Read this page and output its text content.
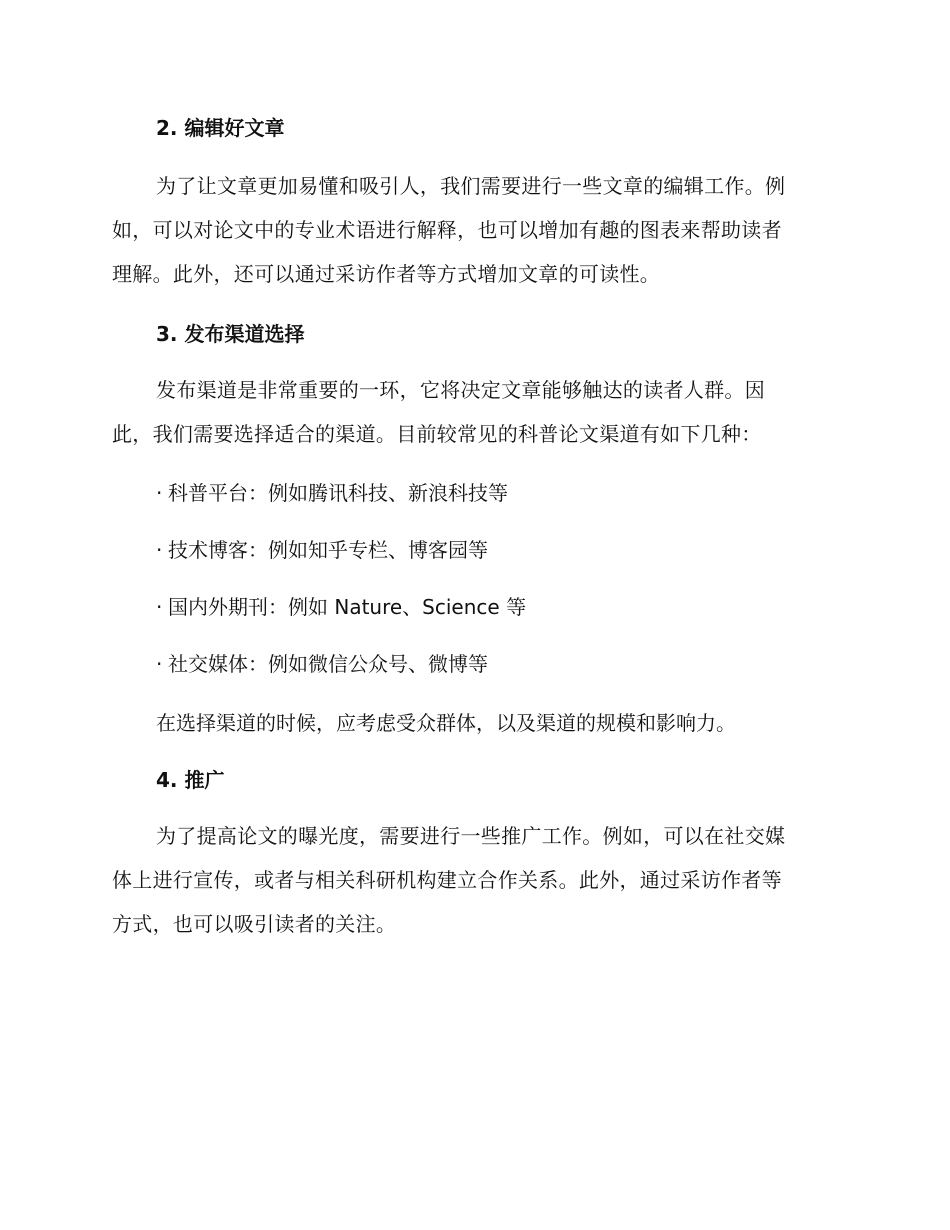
2. 编辑好文章
为了让文章更加易懂和吸引人，我们需要进行一些文章的编辑工作。例
如，可以对论文中的专业术语进行解释，也可以增加有趣的图表来帮助读者
理解。此外，还可以通过采访作者等方式增加文章的可读性。
3. 发布渠道选择
发布渠道是非常重要的一环，它将决定文章能够触达的读者人群。因
此，我们需要选择适合的渠道。目前较常见的科普论文渠道有如下几种：
· 科普平台：例如腾讯科技、新浪科技等
· 技术博客：例如知乎专栏、博客园等
· 国内外期刊：例如 Nature、Science 等
· 社交媒体：例如微信公众号、微博等
在选择渠道的时候，应考虑受众群体，以及渠道的规模和影响力。
4. 推广
为了提高论文的曝光度，需要进行一些推广工作。例如，可以在社交媒
体上进行宣传，或者与相关科研机构建立合作关系。此外，通过采访作者等
方式，也可以吸引读者的关注。
